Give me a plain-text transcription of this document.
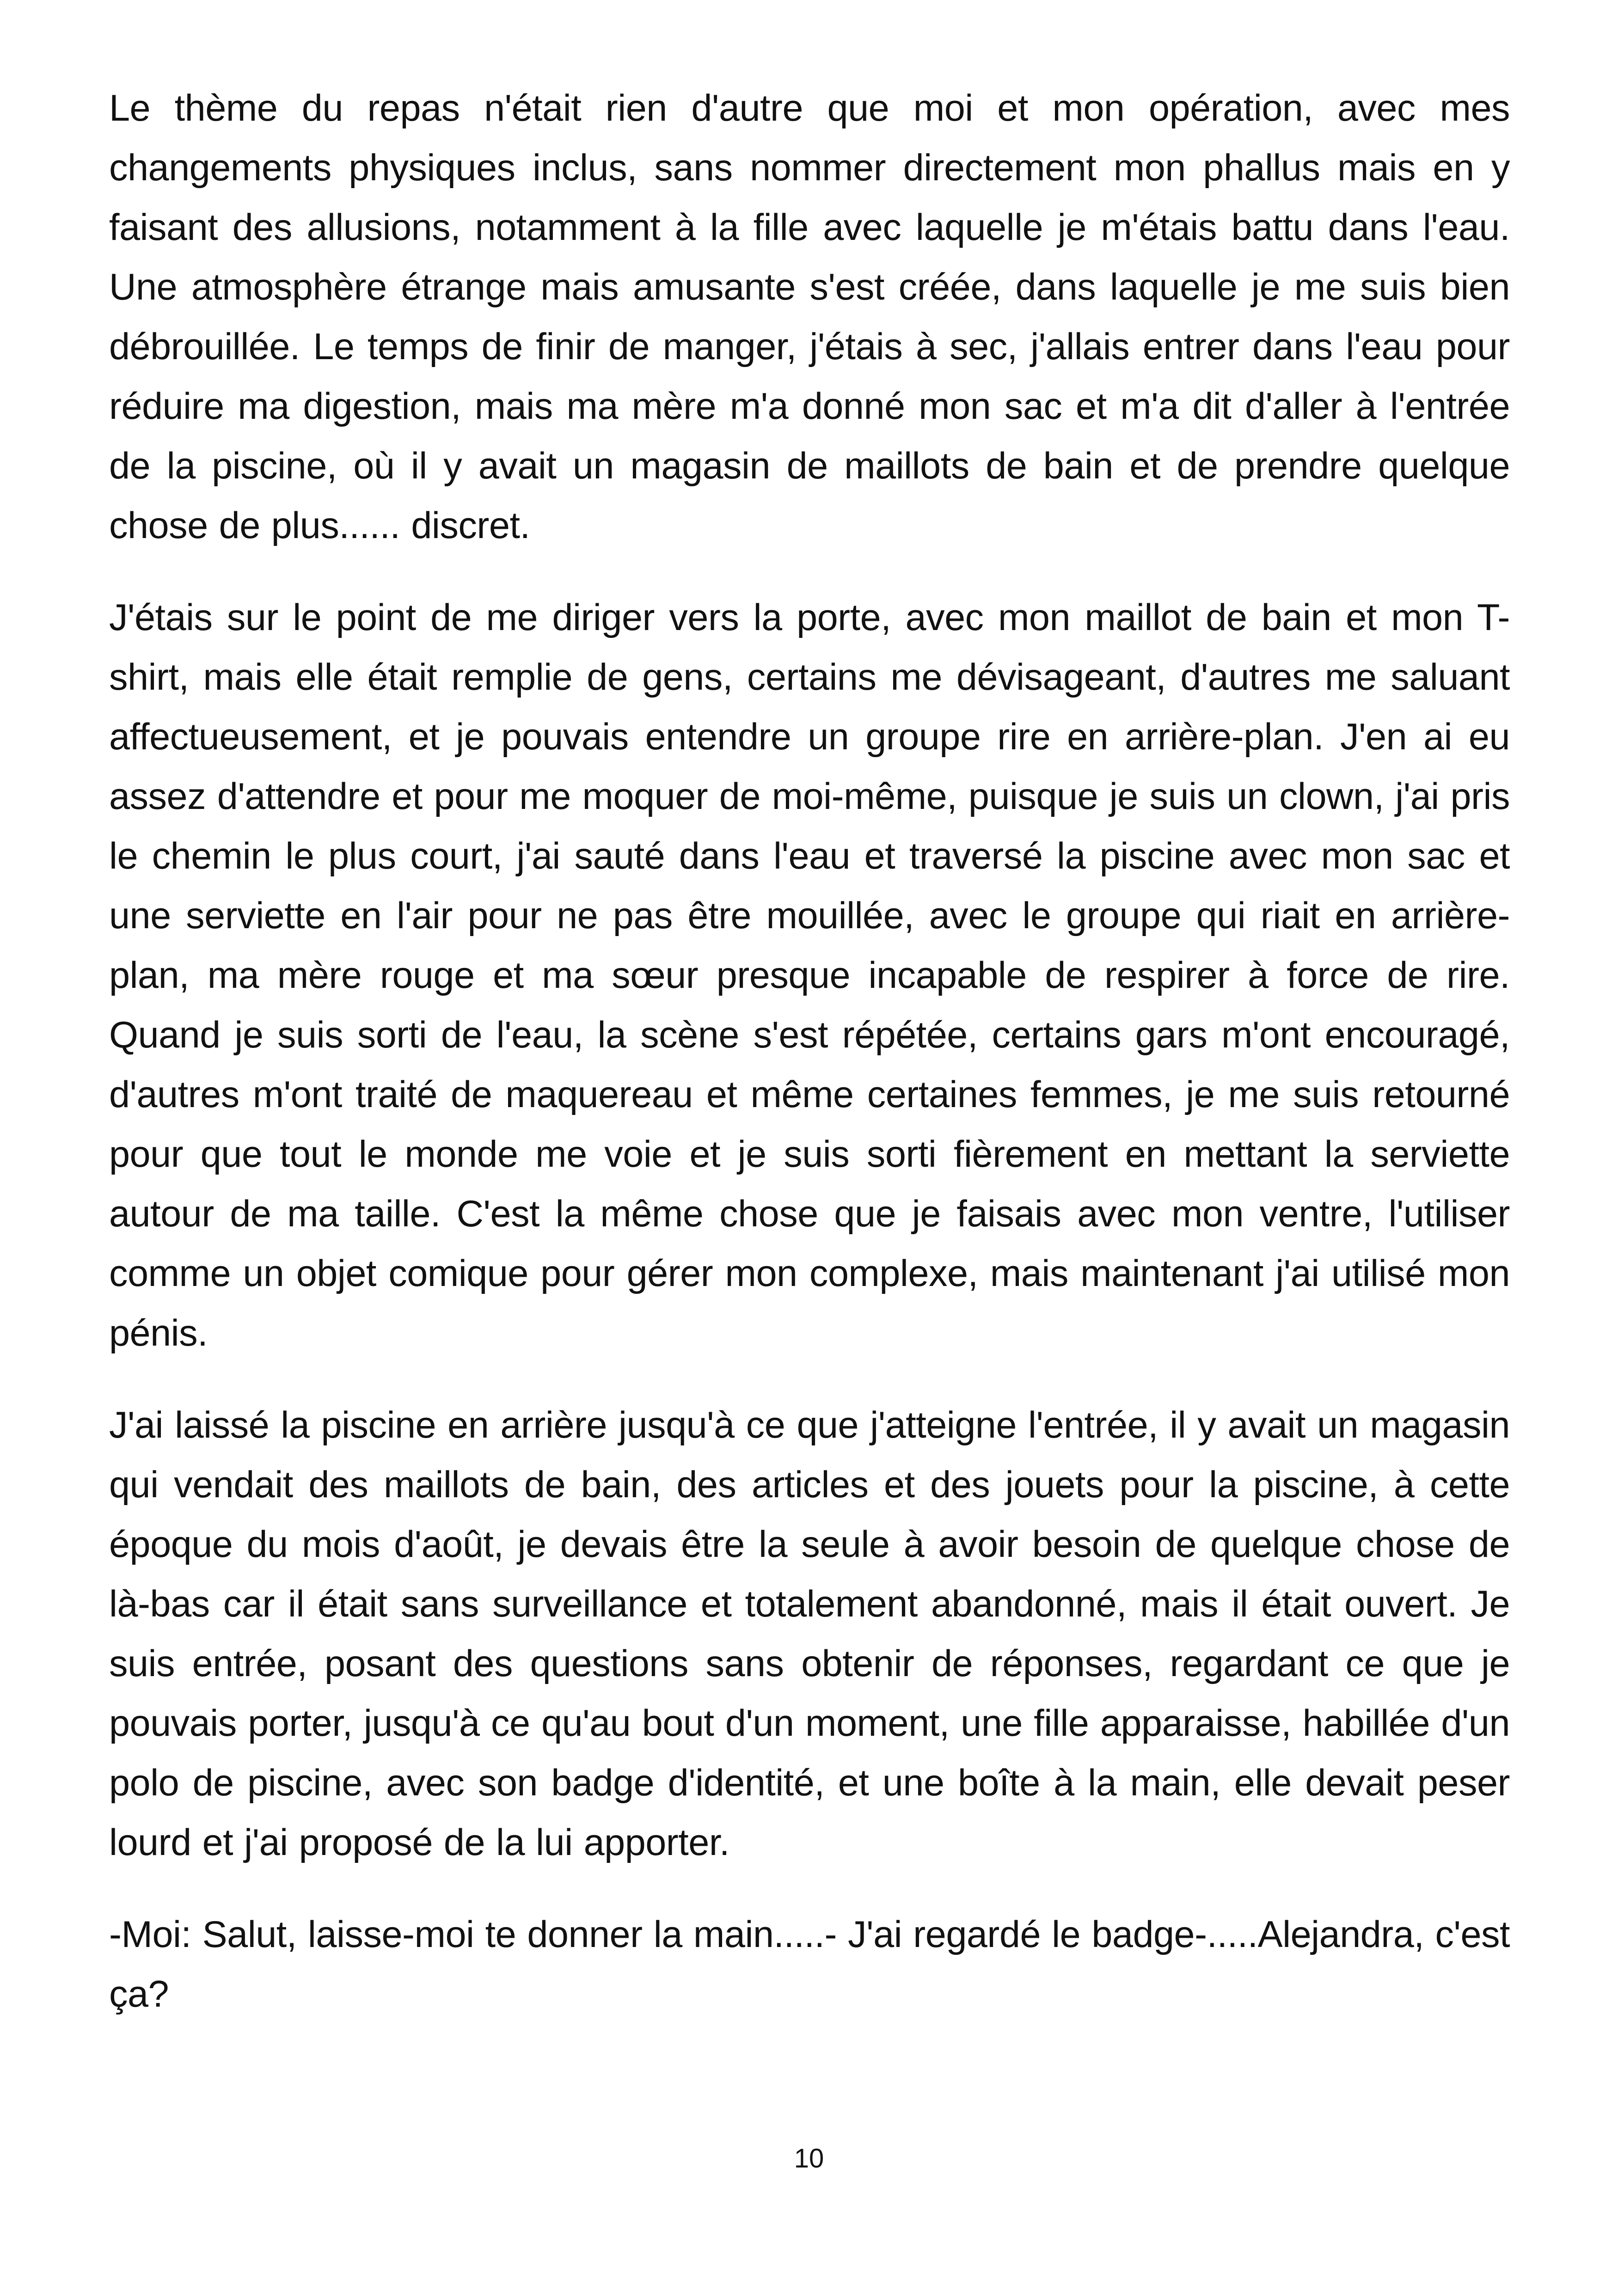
Le thème du repas n'était rien d'autre que moi et mon opération, avec mes changements physiques inclus, sans nommer directement mon phallus mais en y faisant des allusions, notamment à la fille avec laquelle je m'étais battu dans l'eau. Une atmosphère étrange mais amusante s'est créée, dans laquelle je me suis bien débrouillée. Le temps de finir de manger, j'étais à sec, j'allais entrer dans l'eau pour réduire ma digestion, mais ma mère m'a donné mon sac et m'a dit d'aller à l'entrée de la piscine, où il y avait un magasin de maillots de bain et de prendre quelque chose de plus...... discret.

J'étais sur le point de me diriger vers la porte, avec mon maillot de bain et mon T-shirt, mais elle était remplie de gens, certains me dévisageant, d'autres me saluant affectueusement, et je pouvais entendre un groupe rire en arrière-plan. J'en ai eu assez d'attendre et pour me moquer de moi-même, puisque je suis un clown, j'ai pris le chemin le plus court, j'ai sauté dans l'eau et traversé la piscine avec mon sac et une serviette en l'air pour ne pas être mouillée, avec le groupe qui riait en arrière-plan, ma mère rouge et ma sœur presque incapable de respirer à force de rire. Quand je suis sorti de l'eau, la scène s'est répétée, certains gars m'ont encouragé, d'autres m'ont traité de maquereau et même certaines femmes, je me suis retourné pour que tout le monde me voie et je suis sorti fièrement en mettant la serviette autour de ma taille. C'est la même chose que je faisais avec mon ventre, l'utiliser comme un objet comique pour gérer mon complexe, mais maintenant j'ai utilisé mon pénis.

J'ai laissé la piscine en arrière jusqu'à ce que j'atteigne l'entrée, il y avait un magasin qui vendait des maillots de bain, des articles et des jouets pour la piscine, à cette époque du mois d'août, je devais être la seule à avoir besoin de quelque chose de là-bas car il était sans surveillance et totalement abandonné, mais il était ouvert. Je suis entrée, posant des questions sans obtenir de réponses, regardant ce que je pouvais porter, jusqu'à ce qu'au bout d'un moment, une fille apparaisse, habillée d'un polo de piscine, avec son badge d'identité, et une boîte à la main, elle devait peser lourd et j'ai proposé de la lui apporter.

-Moi: Salut, laisse-moi te donner la main.....- J'ai regardé le badge-.....Alejandra, c'est ça?

10
